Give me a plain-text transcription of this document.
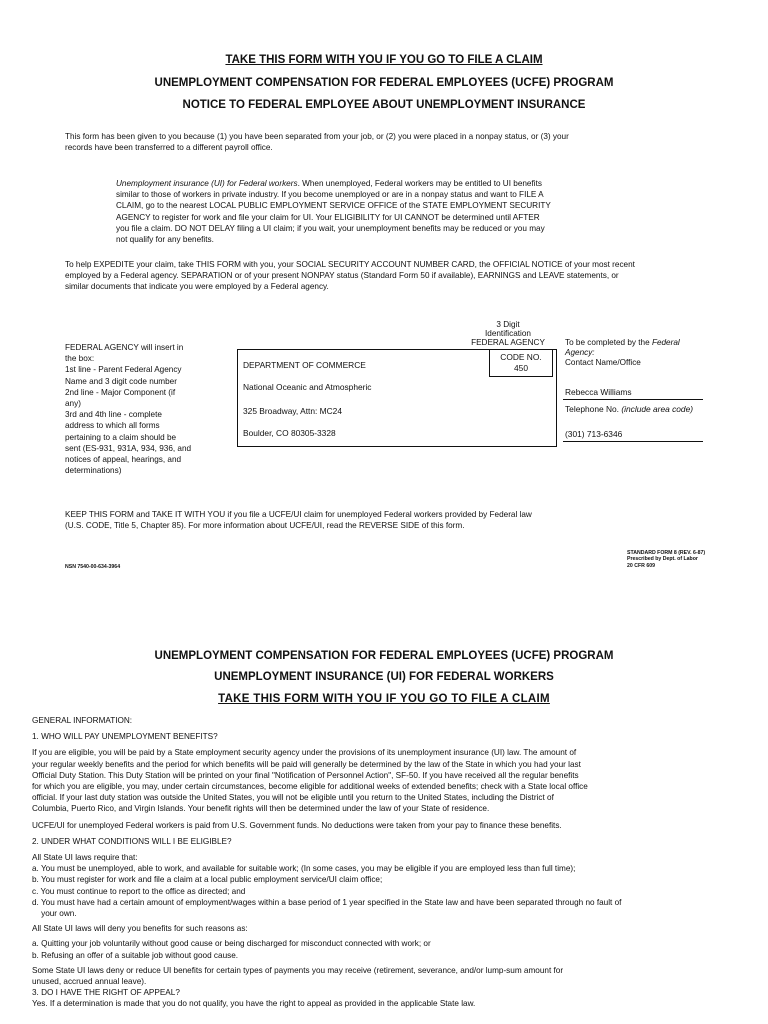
TAKE THIS FORM WITH YOU IF YOU GO TO FILE A CLAIM
UNEMPLOYMENT COMPENSATION FOR FEDERAL EMPLOYEES (UCFE) PROGRAM
NOTICE TO FEDERAL EMPLOYEE ABOUT UNEMPLOYMENT INSURANCE
This form has been given to you because (1) you have been separated from your job, or (2) you were placed in a nonpay status, or (3) your
records have been transferred to a different payroll office.
Unemployment insurance (UI) for Federal workers. When unemployed, Federal workers may be entitled to UI benefits
similar to those of workers in private industry. If you become unemployed or are in a nonpay status and want to FILE A
CLAIM, go to the nearest LOCAL PUBLIC EMPLOYMENT SERVICE OFFICE of the STATE EMPLOYMENT SECURITY
AGENCY to register for work and file your claim for UI. Your ELIGIBILITY for UI CANNOT be determined until AFTER
you file a claim. DO NOT DELAY filing a UI claim; if you wait, your unemployment benefits may be reduced or you may
not qualify for any benefits.
To help EXPEDITE your claim, take THIS FORM with you, your SOCIAL SECURITY ACCOUNT NUMBER CARD, the OFFICIAL NOTICE of your most recent
employed by a Federal agency. SEPARATION or of your present NONPAY status (Standard Form 50 if available), EARNINGS and LEAVE statements, or
similar documents that indicate you were employed by a Federal agency.
FEDERAL AGENCY will insert in
the box:
1st line - Parent Federal Agency
Name and 3 digit code number
2nd line - Major Component (if
any)
3rd and 4th line - complete
address to which all forms
pertaining to a claim should be
sent (ES-931, 931A, 934, 936, and
notices of appeal, hearings, and
determinations)
3 Digit
Identification
FEDERAL AGENCY
DEPARTMENT OF COMMERCE
National Oceanic and Atmospheric
325 Broadway, Attn: MC24
Boulder, CO 80305-3328
CODE NO.
450
To be completed by the Federal
Agency:
Contact Name/Office
Rebecca Williams
Telephone No. (include area code)
(301) 713-6346
KEEP THIS FORM and TAKE IT WITH YOU if you file a UCFE/UI claim for unemployed Federal workers provided by Federal law
(U.S. CODE, Title 5, Chapter 85). For more information about UCFE/UI, read the REVERSE SIDE of this form.
NSN 7540-00-634-3964
STANDARD FORM 8 (REV. 6-87)
Prescribed by Dept. of Labor
20 CFR 609
UNEMPLOYMENT COMPENSATION FOR FEDERAL EMPLOYEES (UCFE) PROGRAM
UNEMPLOYMENT INSURANCE (UI) FOR FEDERAL WORKERS
TAKE THIS FORM WITH YOU IF YOU GO TO FILE A CLAIM
GENERAL INFORMATION:
1. WHO WILL PAY UNEMPLOYMENT BENEFITS?
If you are eligible, you will be paid by a State employment security agency under the provisions of its unemployment insurance (UI) law. The amount of
your regular weekly benefits and the period for which benefits will be paid will generally be determined by the law of the State in which you had your last
Official Duty Station. This Duty Station will be printed on your final "Notification of Personnel Action", SF-50. If you have received all the regular benefits
for which you are eligible, you may, under certain circumstances, become eligible for additional weeks of extended benefits; check with a State local office
official. If your last duty station was outside the United States, you will not be eligible until you return to the United States, including the District of
Columbia, Puerto Rico, and Virgin Islands. Your benefit rights will then be determined under the law of your State of residence.
UCFE/UI for unemployed Federal workers is paid from U.S. Government funds. No deductions were taken from your pay to finance these benefits.
2. UNDER WHAT CONDITIONS WILL I BE ELIGIBLE?
All State UI laws require that:
a. You must be unemployed, able to work, and available for suitable work; (In some cases, you may be eligible if you are employed less than full time);
b. You must register for work and file a claim at a local public employment service/UI claim office;
c. You must continue to report to the office as directed; and
d. You must have had a certain amount of employment/wages within a base period of 1 year specified in the State law and have been separated through no fault of
your own.
All State UI laws will deny you benefits for such reasons as:
a. Quitting your job voluntarily without good cause or being discharged for misconduct connected with work; or
b. Refusing an offer of a suitable job without good cause.
Some State UI laws deny or reduce UI benefits for certain types of payments you may receive (retirement, severance, and/or lump-sum amount for
unused, accrued annual leave).
3. DO I HAVE THE RIGHT OF APPEAL?
Yes. If a determination is made that you do not qualify, you have the right to appeal as provided in the applicable State law.
